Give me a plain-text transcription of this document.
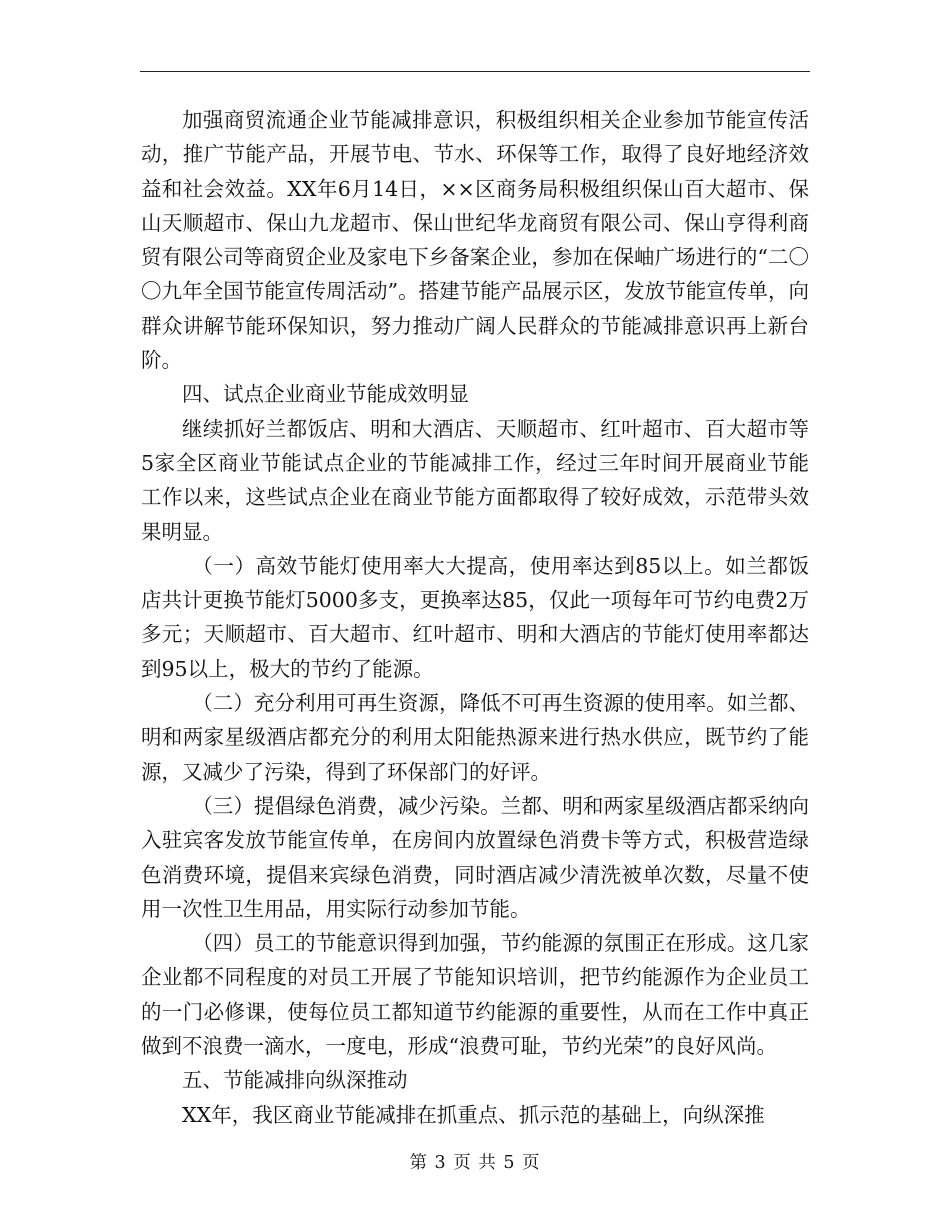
加强商贸流通企业节能减排意识，积极组织相关企业参加节能宣传活动，推广节能产品，开展节电、节水、环保等工作，取得了良好地经济效益和社会效益。XX年6月14日，××区商务局积极组织保山百大超市、保山天顺超市、保山九龙超市、保山世纪华龙商贸有限公司、保山亨得利商贸有限公司等商贸企业及家电下乡备案企业，参加在保岫广场进行的“二〇〇九年全国节能宣传周活动”。搭建节能产品展示区，发放节能宣传单，向群众讲解节能环保知识，努力推动广阔人民群众的节能减排意识再上新台阶。

四、试点企业商业节能成效明显

继续抓好兰都饭店、明和大酒店、天顺超市、红叶超市、百大超市等5家全区商业节能试点企业的节能减排工作，经过三年时间开展商业节能工作以来，这些试点企业在商业节能方面都取得了较好成效，示范带头效果明显。

（一）高效节能灯使用率大大提高，使用率达到85以上。如兰都饭店共计更换节能灯5000多支，更换率达85，仅此一项每年可节约电费2万多元；天顺超市、百大超市、红叶超市、明和大酒店的节能灯使用率都达到95以上，极大的节约了能源。

（二）充分利用可再生资源，降低不可再生资源的使用率。如兰都、明和两家星级酒店都充分的利用太阳能热源来进行热水供应，既节约了能源，又减少了污染，得到了环保部门的好评。

（三）提倡绿色消费，减少污染。兰都、明和两家星级酒店都采纳向入驻宾客发放节能宣传单，在房间内放置绿色消费卡等方式，积极营造绿色消费环境，提倡来宾绿色消费，同时酒店减少清洗被单次数，尽量不使用一次性卫生用品，用实际行动参加节能。

（四）员工的节能意识得到加强，节约能源的氛围正在形成。这几家企业都不同程度的对员工开展了节能知识培训，把节约能源作为企业员工的一门必修课，使每位员工都知道节约能源的重要性，从而在工作中真正做到不浪费一滴水，一度电，形成“浪费可耻，节约光荣”的良好风尚。

五、节能减排向纵深推动

XX年，我区商业节能减排在抓重点、抓示范的基础上，向纵深推

第 3 页 共 5 页
